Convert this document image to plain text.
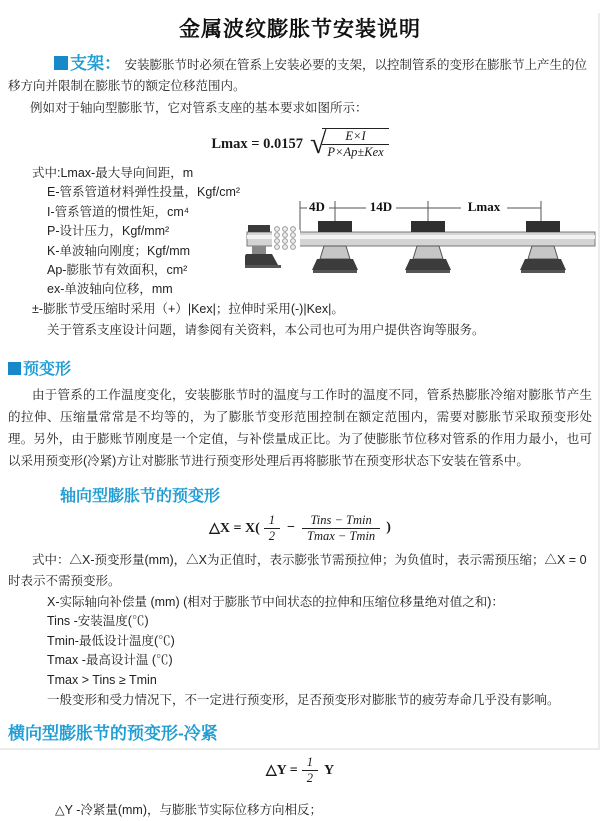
金属波纹膨胀节安装说明

支架： 安装膨胀节时必须在管系上安装必要的支架，以控制管系的变形在膨胀节上产生的位移方向并限制在膨胀节的额定位移范围内。

例如对于轴向型膨胀节，它对管系支座的基本要求如图所示：

Lmax = 0.0157 √
$\frac{E\times I}{\text{P×Ap±Kex}}$
式中:Lmax-最大导向间距，m
E-管系管道材料弹性投量，Kgf/cm²
I-管系管道的惯性矩，cm⁴
P-设计压力，Kgf/mm²
K-单波轴向刚度；Kgf/mm
Ap-膨胀节有效面积，cm²
ex-单波轴向位移，mm
±-膨胀节受压缩时采用（+）|Kex|；拉伸时采用(-)|Kex|。
关于管系支座设计问题，请参阅有关资料，本公司也可为用户提供咨询等服务。
4D	14D	Lmax
预变形

由于管系的工作温度变化，安装膨胀节时的温度与工作时的温度不同，管系热膨胀冷缩对膨胀节产生的拉伸、压缩量常常是不均等的，为了膨胀节变形范围控制在额定范围内，需要对膨胀节采取预变形处理。另外，由于膨账节刚度是一个定值，与补偿量成正比。为了使膨胀节位移对管系的作用力最小，也可以采用预变形(冷紧)方让对膨胀节进行预变形处理后再将膨胀节在预变形状态下安装在管系中。

轴向型膨胀节的预变形
△X = $X( \frac{1}{2} - \frac{\text{Tins − Tmin}}{Tmax - Tmin}$ )

式中：△X-预变形量(mm)，△X为正值时，表示膨张节需预拉伸；为负值时，表示需预压缩；△X = 0时表示不需预变形。

X-实际轴向补偿量 (mm) (相对于膨胀节中间状态的拉伸和压缩位移量绝对值之和)：
Tins -安装温度(℃)
Tmin-最低设计温度(℃)
Tmax -最高设计温 (℃)
Tmax > Tins ≥ Tmin
一般变形和受力情况下，不一定进行预变形，足否预变形对膨胀节的疲劳寿命几乎没有影响。
横向型膨胀节的预变形-冷紧
△Y = $\frac{1}{2}$ Y

△Y -冷紧量(mm)，与膨胀节实际位移方向相反；
